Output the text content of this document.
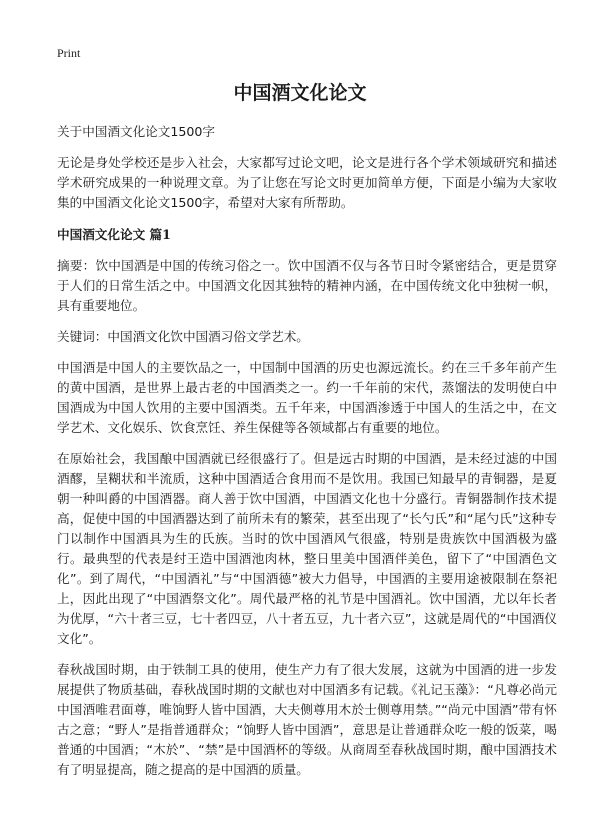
Print
中国酒文化论文

关于中国酒文化论文1500字

无论是身处学校还是步入社会，大家都写过论文吧，论文是进行各个学术领域研究和描述学术研究成果的一种说理文章。为了让您在写论文时更加简单方便，下面是小编为大家收集的中国酒文化论文1500字，希望对大家有所帮助。

中国酒文化论文 篇1

摘要：饮中国酒是中国的传统习俗之一。饮中国酒不仅与各节日时令紧密结合，更是贯穿于人们的日常生活之中。中国酒文化因其独特的精神内涵，在中国传统文化中独树一帜，具有重要地位。

关键词：中国酒文化饮中国酒习俗文学艺术。

中国酒是中国人的主要饮品之一，中国制中国酒的历史也源远流长。约在三千多年前产生的黄中国酒，是世界上最古老的中国酒类之一。约一千年前的宋代，蒸馏法的发明使白中国酒成为中国人饮用的主要中国酒类。五千年来，中国酒渗透于中国人的生活之中，在文学艺术、文化娱乐、饮食烹饪、养生保健等各领域都占有重要的地位。

在原始社会，我国酿中国酒就已经很盛行了。但是远古时期的中国酒，是未经过滤的中国酒醪，呈糊状和半流质，这种中国酒适合食用而不是饮用。我国已知最早的青铜器，是夏朝一种叫爵的中国酒器。商人善于饮中国酒，中国酒文化也十分盛行。青铜器制作技术提高，促使中国的中国酒器达到了前所未有的繁荣，甚至出现了“长勺氏”和“尾勺氏”这种专门以制作中国酒具为生的氏族。当时的饮中国酒风气很盛，特别是贵族饮中国酒极为盛行。最典型的代表是纣王造中国酒池肉林，整日里美中国酒伴美色，留下了“中国酒色文化”。到了周代，“中国酒礼”与“中国酒德”被大力倡导，中国酒的主要用途被限制在祭祀上，因此出现了“中国酒祭文化”。周代最严格的礼节是中国酒礼。饮中国酒，尤以年长者为优厚，“六十者三豆，七十者四豆，八十者五豆，九十者六豆”，这就是周代的“中国酒仪文化”。

春秋战国时期，由于铁制工具的使用，使生产力有了很大发展，这就为中国酒的进一步发展提供了物质基础，春秋战国时期的文献也对中国酒多有记载。《礼记玉藻》：“凡尊必尚元中国酒唯君面尊，唯饷野人皆中国酒，大夫侧尊用木於士侧尊用禁。”“尚元中国酒”带有怀古之意；“野人”是指普通群众；“饷野人皆中国酒”，意思是让普通群众吃一般的饭菜，喝普通的中国酒；“木於”、“禁”是中国酒杯的等级。从商周至春秋战国时期，酿中国酒技术有了明显提高，随之提高的是中国酒的质量。
